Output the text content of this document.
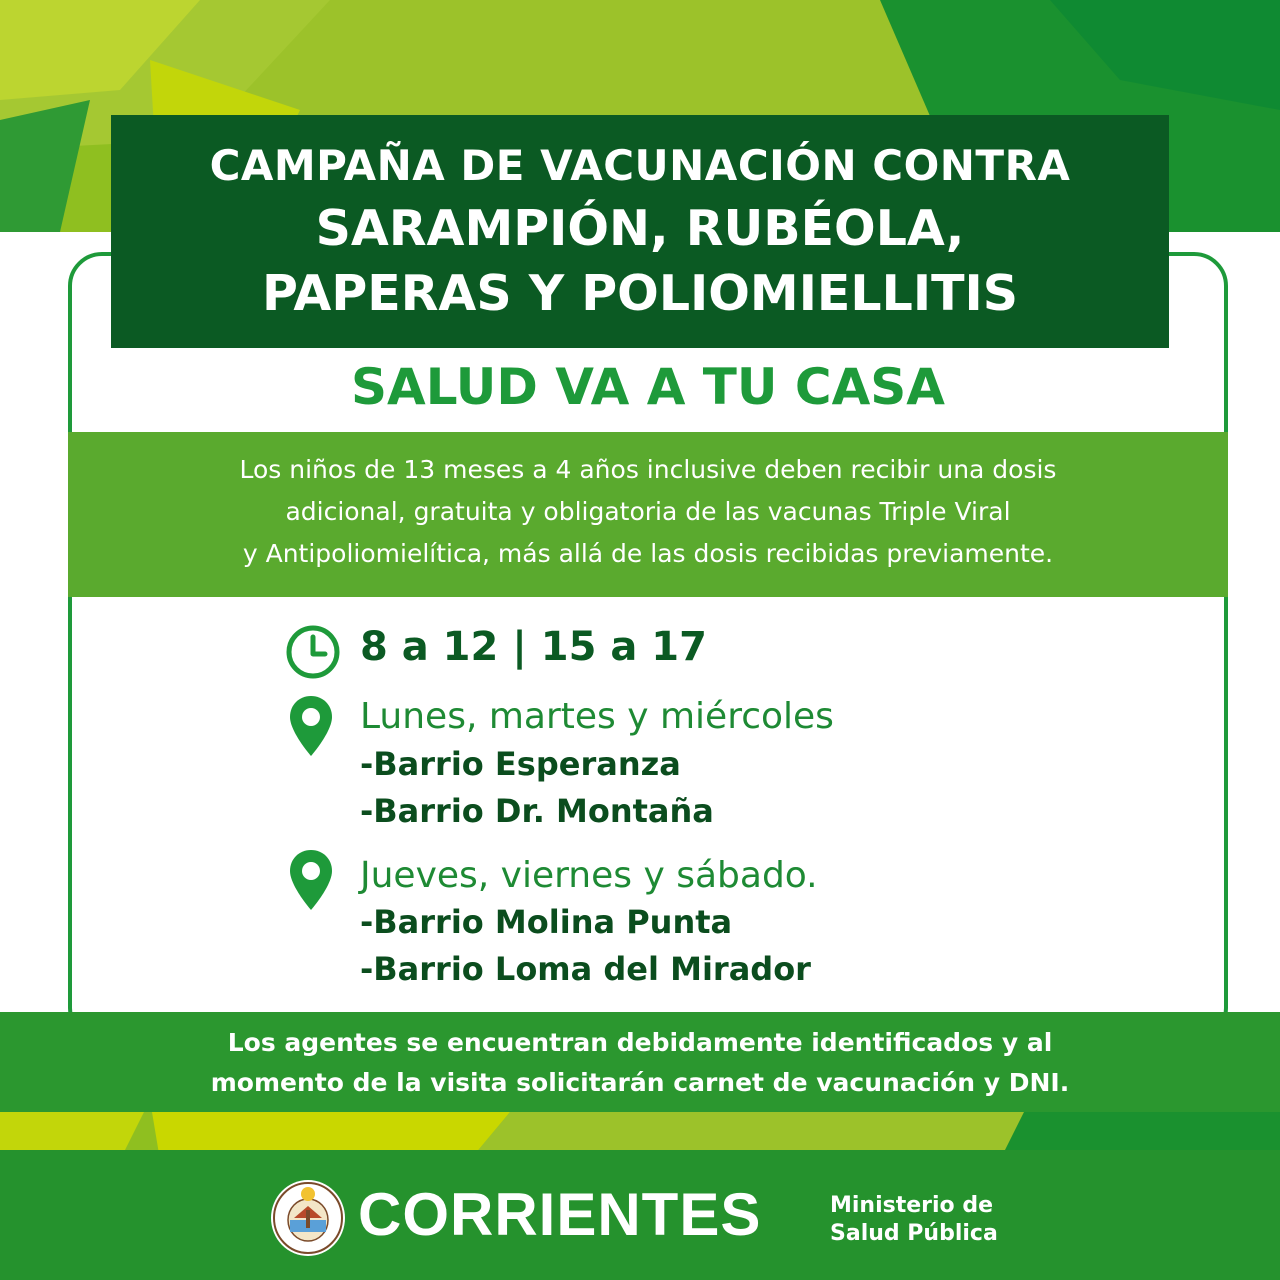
CAMPAÑA DE VACUNACIÓN CONTRA
SARAMPIÓN, RUBÉOLA,
PAPERAS Y POLIOMIELLITIS
SALUD VA A TU CASA
Los niños de 13 meses a 4 años inclusive deben recibir una dosis
adicional, gratuita y obligatoria de las vacunas Triple Viral
y Antipoliomielítica, más allá de las dosis recibidas previamente.
8 a 12 | 15 a 17
Lunes, martes y miércoles
-Barrio Esperanza
-Barrio Dr. Montaña
Jueves, viernes y sábado.
-Barrio Molina Punta
-Barrio Loma del Mirador
Los agentes se encuentran debidamente identificados y al
momento de la visita solicitarán carnet de vacunación y DNI.
CORRIENTES	Ministerio de
Salud Pública
